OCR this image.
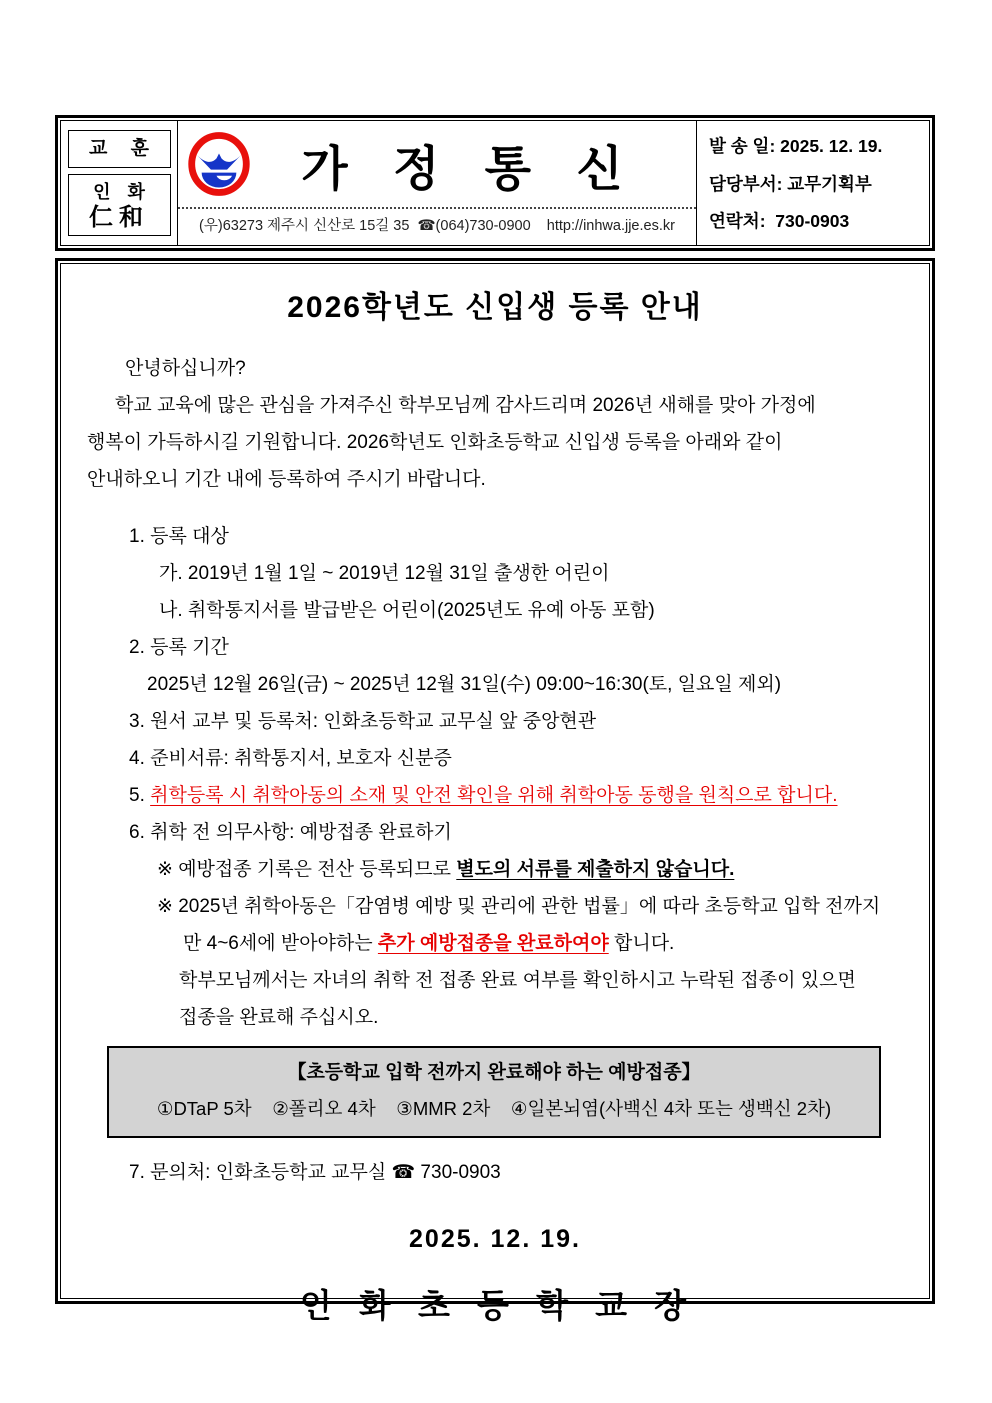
교 훈
인 화
仁和
가 정 통 신
(우)63273 제주시 신산로 15길 35  ☎(064)730-0900    http://inhwa.jje.es.kr
발 송 일: 2025. 12. 19.
담당부서: 교무기획부
연락처:  730-0903
2026학년도 신입생 등록 안내
안녕하십니까?
학교 교육에 많은 관심을 가져주신 학부모님께 감사드리며 2026년 새해를 맞아 가정에
행복이 가득하시길 기원합니다. 2026학년도 인화초등학교 신입생 등록을 아래와 같이
안내하오니 기간 내에 등록하여 주시기 바랍니다.
1. 등록 대상
가. 2019년 1월 1일 ~ 2019년 12월 31일 출생한 어린이
나. 취학통지서를 발급받은 어린이(2025년도 유예 아동 포함)
2. 등록 기간
2025년 12월 26일(금) ~ 2025년 12월 31일(수) 09:00~16:30(토, 일요일 제외)
3. 원서 교부 및 등록처: 인화초등학교 교무실 앞 중앙현관
4. 준비서류: 취학통지서, 보호자 신분증
5. 취학등록 시 취학아동의 소재 및 안전 확인을 위해 취학아동 동행을 원칙으로 합니다.
6. 취학 전 의무사항: 예방접종 완료하기
※ 예방접종 기록은 전산 등록되므로 별도의 서류를 제출하지 않습니다.
※ 2025년 취학아동은「감염병 예방 및 관리에 관한 법률」에 따라 초등학교 입학 전까지
만 4~6세에 받아야하는 추가 예방접종을 완료하여야 합니다.
학부모님께서는 자녀의 취학 전 접종 완료 여부를 확인하시고 누락된 접종이 있으면
접종을 완료해 주십시오.
【초등학교 입학 전까지 완료해야 하는 예방접종】
①DTaP 5차    ②폴리오 4차    ③MMR 2차    ④일본뇌염(사백신 4차 또는 생백신 2차)
7. 문의처: 인화초등학교 교무실 ☎ 730-0903
2025. 12. 19.
인 화 초 등 학 교 장
